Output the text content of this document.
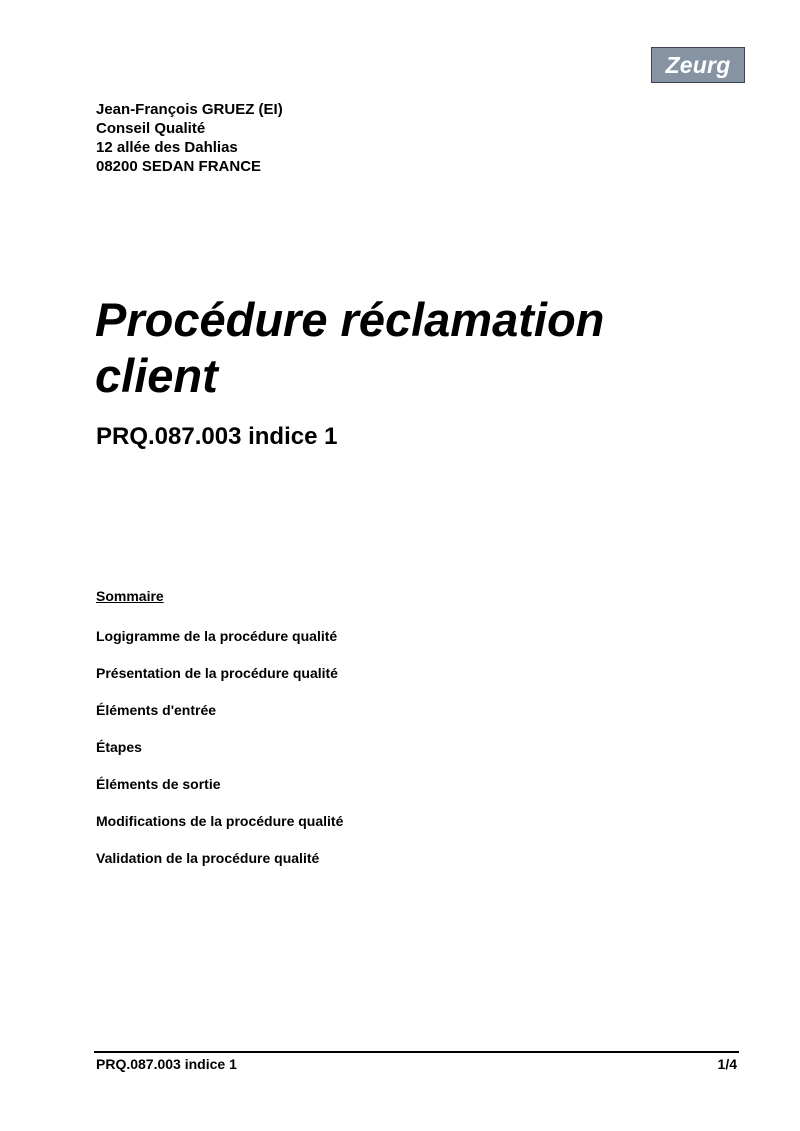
Zeurg
Jean-François GRUEZ (EI)
Conseil Qualité
12 allée des Dahlias
08200 SEDAN FRANCE
Procédure réclamation client
PRQ.087.003 indice 1
Sommaire
Logigramme de la procédure qualité
Présentation de la procédure qualité
Éléments d'entrée
Étapes
Éléments de sortie
Modifications de la procédure qualité
Validation de la procédure qualité
PRQ.087.003 indice 1	1/4
